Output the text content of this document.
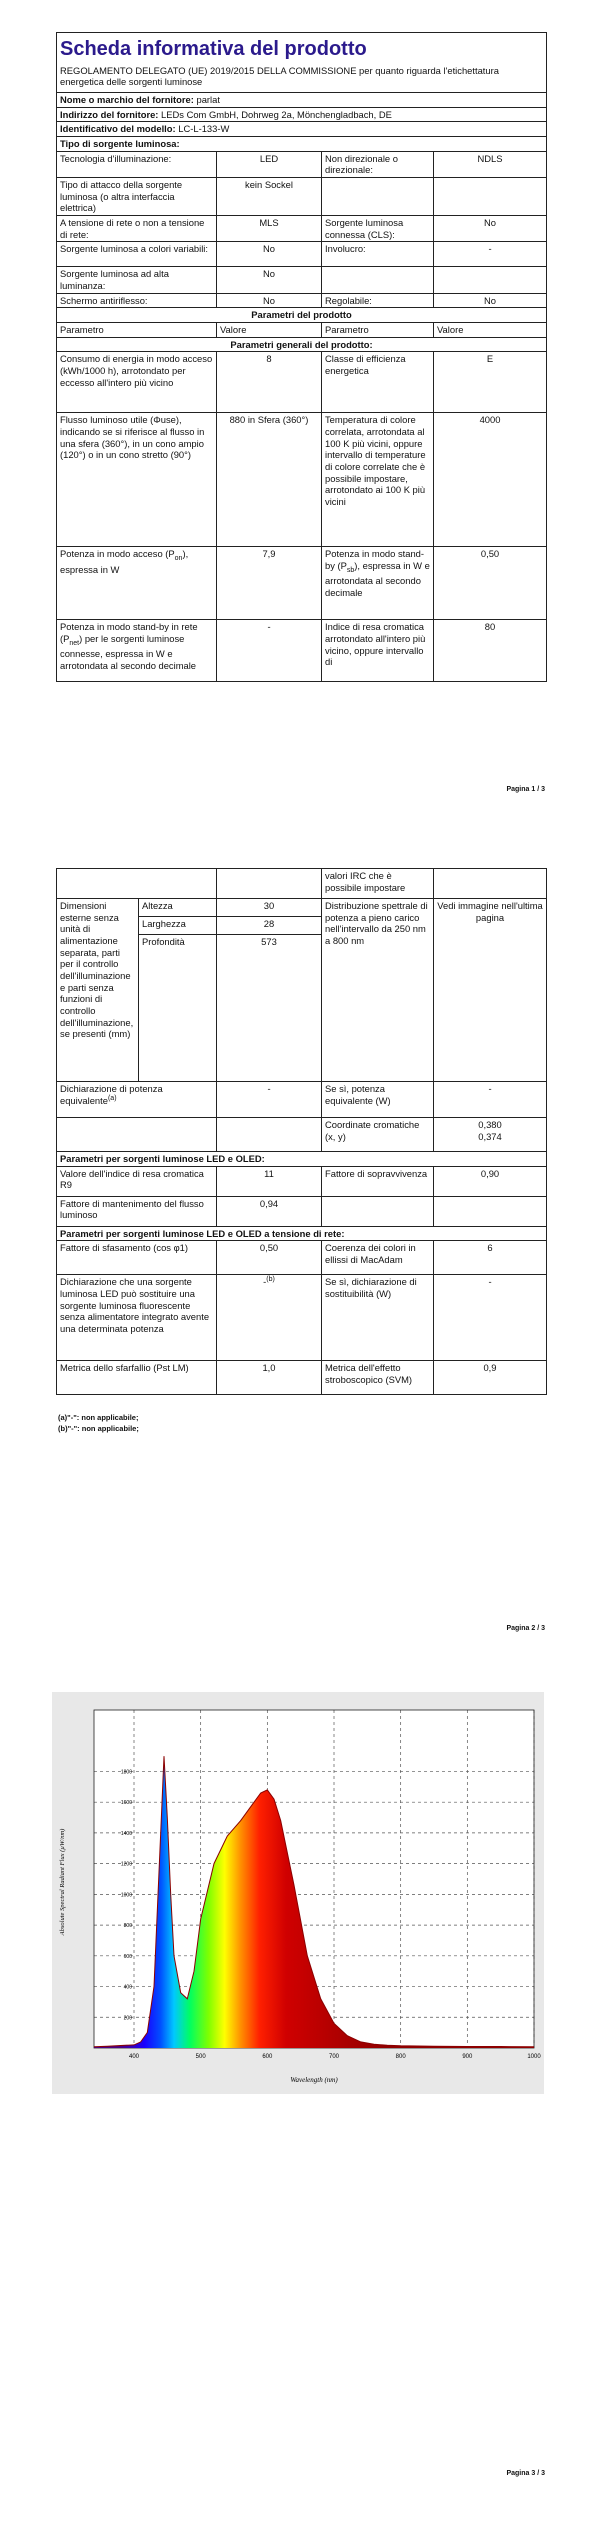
Scheda informativa del prodotto
REGOLAMENTO DELEGATO (UE) 2019/2015 DELLA COMMISSIONE per quanto riguarda l'etichettatura energetica delle sorgenti luminose			

Nome o marchio del fornitore: parlat			
Indirizzo del fornitore: LEDs Com GmbH, Dohrweg 2a, Mönchengladbach, DE			
Identificativo del modello: LC-L-133-W			
Tipo di sorgente luminosa:			
Tecnologia d'illuminazione:	LED	Non direzionale o direzionale:	NDLS
Tipo di attacco della sorgente luminosa (o altra interfaccia elettrica)	kein Sockel		
A tensione di rete o non a tensione di rete:	MLS	Sorgente luminosa connessa (CLS):	No
Sorgente luminosa a colori variabili:	No	Involucro:	-
Sorgente luminosa ad alta luminanza:	No		
Schermo antiriflesso:	No	Regolabile:	No
Parametri del prodotto			
Parametro	Valore	Parametro	Valore
Parametri generali del prodotto:			
Consumo di energia in modo acceso (kWh/1000 h), arrotondato per eccesso all'intero più vicino	8	Classe di efficienza energetica	E
Flusso luminoso utile (Φuse), indicando se si riferisce al flusso in una sfera (360°), in un cono ampio (120°) o in un cono stretto (90°)	880 in Sfera (360°)	Temperatura di colore correlata, arrotondata al 100 K più vicini, oppure intervallo di temperature di colore correlate che è possibile impostare, arrotondato ai 100 K più vicini	4000
Potenza in modo acceso $(P_{on})$, espressa in W	7,9	Potenza in modo stand-by $(P_{sb})$, espressa in W e arrotondata al secondo decimale	0,50
Potenza in modo stand-by in rete $(P_{net})$ per le sorgenti luminose connesse, espressa in W e arrotondata al secondo decimale	-	Indice di resa cromatica arrotondato all'intero più vicino, oppure intervallo di	80
Pagina 1 / 3
			valori IRC che è possibile impostare	
Dimensioni esterne senza unità di alimentazione separata, parti per il controllo dell'illuminazione e parti senza funzioni di controllo dell'illuminazione, se presenti (mm)	Altezza	30	Distribuzione spettrale di potenza a pieno carico nell'intervallo da 250 nm a 800 nm	Vedi immagine nell'ultima pagina
	Larghezza	28		
	Profondità	573		
Dichiarazione di potenza equivalente$^{(a)}$		-	Se sì, potenza equivalente (W)	-
			Coordinate cromatiche (x, y)	0,380
0,374

Parametri per sorgenti luminose LED e OLED:				
Valore dell'indice di resa cromatica R9		11	Fattore di sopravvivenza	0,90
Fattore di mantenimento del flusso luminoso		0,94		
Parametri per sorgenti luminose LED e OLED a tensione di rete:				
Fattore di sfasamento (cos φ1)		0,50	Coerenza dei colori in ellissi di MacAdam	6
Dichiarazione che una sorgente luminosa LED può sostituire una sorgente luminosa fluorescente senza alimentatore integrato avente una determinata potenza		-$^{(b)}$	Se sì, dichiarazione di sostituibilità (W)	-
Metrica dello sfarfallio (Pst LM)		1,0	Metrica dell'effetto stroboscopico (SVM)	0,9
(a)"-": non applicabile;
(b)"-": non applicabile;
Pagina 2 / 3
400	500	600	700	800	900	1000
200
400
600
800
1000
1200
1400
1600
1800
Wavelength (nm)
Absolute Spectral Radiant Flux (µW/nm)
Pagina 3 / 3
